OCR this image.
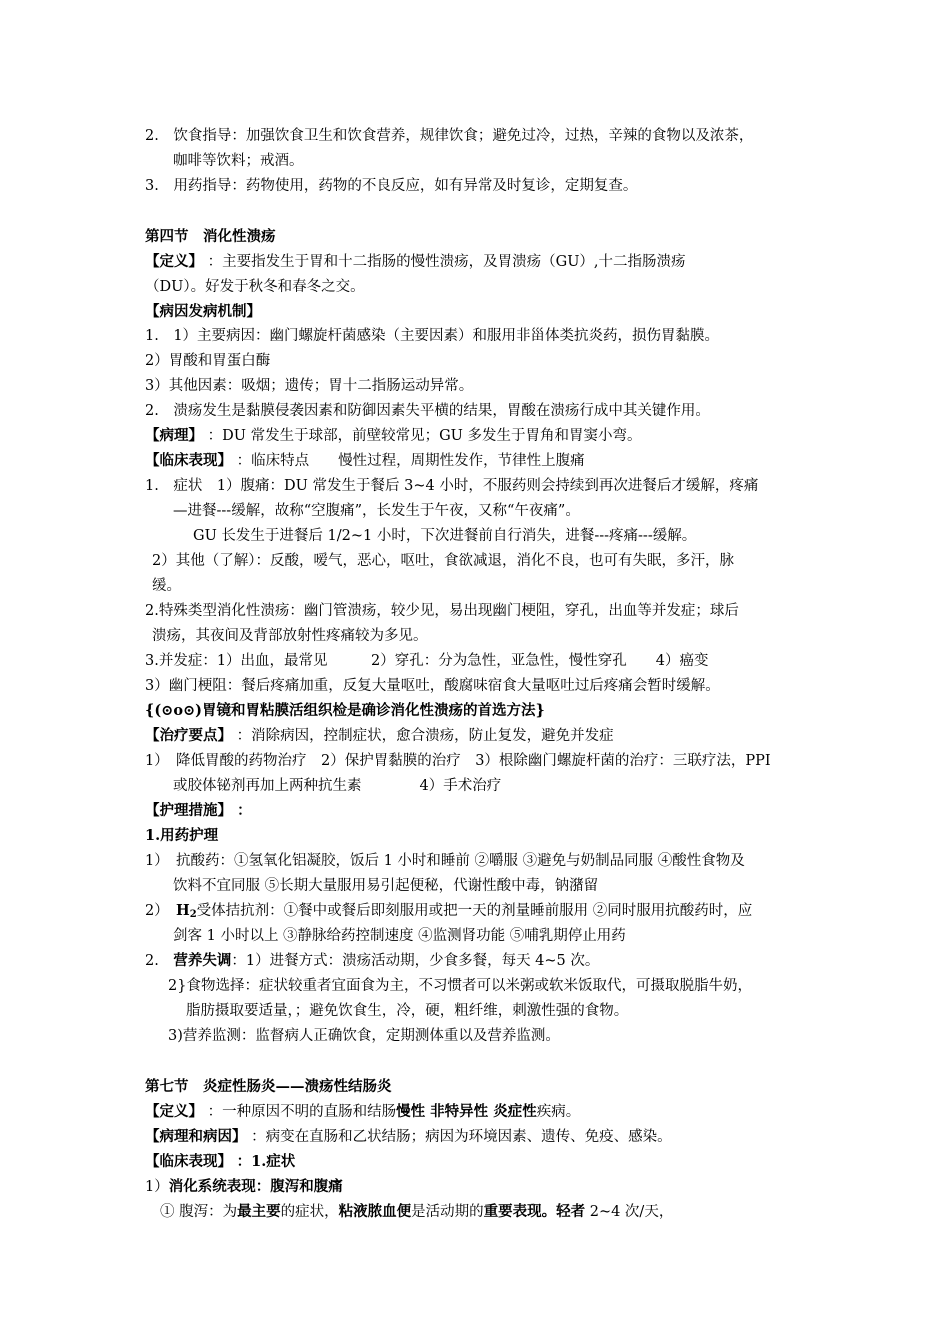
2.　饮食指导：加强饮食卫生和饮食营养，规律饮食；避免过冷，过热，辛辣的食物以及浓茶，
咖啡等饮料；戒酒。
3.　用药指导：药物使用，药物的不良反应，如有异常及时复诊，定期复查。
第四节　消化性溃疡
【定义】 ：主要指发生于胃和十二指肠的慢性溃疡，及胃溃疡（GU）,十二指肠溃疡
（DU）。好发于秋冬和春冬之交。
【病因发病机制】
1.　1）主要病因：幽门螺旋杆菌感染（主要因素）和服用非甾体类抗炎药，损伤胃黏膜。
2）胃酸和胃蛋白酶
3）其他因素：吸烟；遗传；胃十二指肠运动异常。
2.　溃疡发生是黏膜侵袭因素和防御因素失平横的结果，胃酸在溃疡行成中其关键作用。
【病理】 ：DU 常发生于球部，前壁较常见；GU 多发生于胃角和胃窦小弯。
【临床表现】 ：临床特点　　慢性过程，周期性发作，节律性上腹痛
1.　症状　1）腹痛：DU 常发生于餐后 3~4 小时，不服药则会持续到再次进餐后才缓解，疼痛
—进餐---缓解，故称“空腹痛”，长发生于午夜，又称“午夜痛”。
GU 长发生于进餐后 1/2~1 小时，下次进餐前自行消失，进餐---疼痛---缓解。
2）其他（了解）：反酸，嗳气，恶心，呕吐，食欲减退，消化不良，也可有失眠，多汗，脉
缓。
2.特殊类型消化性溃疡：幽门管溃疡，较少见，易出现幽门梗阻，穿孔，出血等并发症；球后
溃疡，其夜间及背部放射性疼痛较为多见。
3.并发症：1）出血，最常见　　　2）穿孔：分为急性，亚急性，慢性穿孔　　4）癌变
3）幽门梗阻：餐后疼痛加重，反复大量呕吐，酸腐味宿食大量呕吐过后疼痛会暂时缓解。
{(⊙o⊙)胃镜和胃粘膜活组织检是确诊消化性溃疡的首选方法}
【治疗要点】 ：消除病因，控制症状，愈合溃疡，防止复发，避免并发症
1）　降低胃酸的药物治疗　2）保护胃黏膜的治疗　3）根除幽门螺旋杆菌的治疗：三联疗法，PPI
或胶体铋剂再加上两种抗生素　　　　4）手术治疗
【护理措施】 ：
1.用药护理
1）　抗酸药：①氢氧化铝凝胶，饭后 1 小时和睡前 ②嚼服 ③避免与奶制品同服 ④酸性食物及
饮料不宜同服 ⑤长期大量服用易引起便秘，代谢性酸中毒，钠潴留
2）　 $H_2$受体拮抗剂：①餐中或餐后即刻服用或把一天的剂量睡前服用 ②同时服用抗酸药时，应
剑客 1 小时以上 ③静脉给药控制速度 ④监测肾功能 ⑤哺乳期停止用药
2.　 营养失调：1）进餐方式：溃疡活动期，少食多餐，每天 4~5 次。
2}食物选择：症状较重者宜面食为主，不习惯者可以米粥或软米饭取代，可摄取脱脂牛奶，
脂肪摄取要适量，；避免饮食生，冷，硬，粗纤维，刺激性强的食物。
3)营养监测：监督病人正确饮食，定期测体重以及营养监测。
第七节　炎症性肠炎——溃疡性结肠炎
【定义】 ：一种原因不明的直肠和结肠慢性 非特异性 炎症性疾病。
【病理和病因】 ：病变在直肠和乙状结肠；病因为环境因素、遗传、免疫、感染。
【临床表现】 ：1.症状
1）消化系统表现：腹泻和腹痛
① 腹泻：为最主要的症状，粘液脓血便是活动期的重要表现。轻者 2~4 次/天，
